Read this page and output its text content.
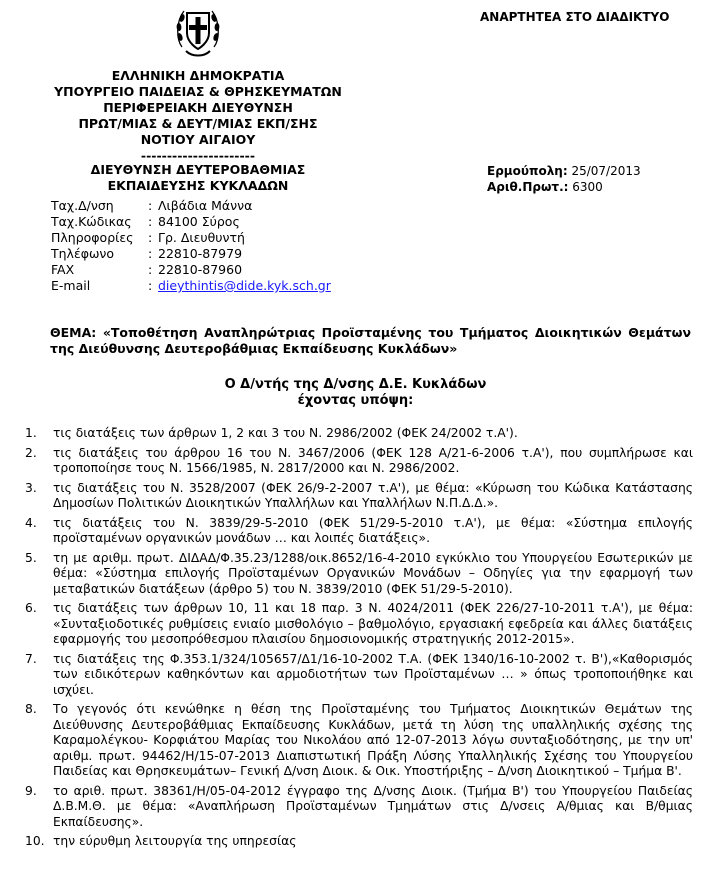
ΑΝΑΡΤΗΤΕΑ ΣΤΟ ΔΙΑΔΙΚΤΥΟ
ΕΛΛΗΝΙΚΗ ΔΗΜΟΚΡΑΤΙΑ
ΥΠΟΥΡΓΕΙΟ ΠΑΙΔΕΙΑΣ & ΘΡΗΣΚΕΥΜΑΤΩΝ
ΠΕΡΙΦΕΡΕΙΑΚΗ ΔΙΕΥΘΥΝΣΗ
ΠΡΩΤ/ΜΙΑΣ & ΔΕΥΤ/ΜΙΑΣ ΕΚΠ/ΣΗΣ
ΝΟΤΙΟΥ ΑΙΓΑΙΟΥ
----------------------
ΔΙΕΥΘΥΝΣΗ ΔΕΥΤΕΡΟΒΑΘΜΙΑΣ
ΕΚΠΑΙΔΕΥΣΗΣ ΚΥΚΛΑΔΩΝ
Ερμούπολη: 25/07/2013
Αριθ.Πρωτ.: 6300
Ταχ.Δ/νση	:	Λιβάδια Μάννα
Ταχ.Κώδικας	:	84100 Σύρος
Πληροφορίες	:	Γρ. Διευθυντή
Τηλέφωνο	:	22810-87979
FAX	:	22810-87960
E-mail	:	dieythintis@dide.kyk.sch.gr
ΘΕΜΑ: «Τοποθέτηση Αναπληρώτριας Προϊσταμένης του Τμήματος Διοικητικών Θεμάτων της Διεύθυνσης Δευτεροβάθμιας Εκπαίδευσης Κυκλάδων»
Ο Δ/ντής της Δ/νσης Δ.Ε. Κυκλάδων
έχοντας υπόψη:
1.	τις διατάξεις των άρθρων 1, 2 και 3 του Ν. 2986/2002 (ΦΕΚ 24/2002 τ.Α').
2.	τις διατάξεις του άρθρου 16 του Ν. 3467/2006 (ΦΕΚ 128 Α/21-6-2006 τ.Α'), που συμπλήρωσε και τροποποίησε τους Ν. 1566/1985, Ν. 2817/2000 και Ν. 2986/2002.
3.	τις διατάξεις του Ν. 3528/2007 (ΦΕΚ 26/9-2-2007 τ.Α'), με θέμα: «Κύρωση του Κώδικα Κατάστασης Δημοσίων Πολιτικών Διοικητικών Υπαλλήλων και Υπαλλήλων Ν.Π.Δ.Δ.».
4.	τις διατάξεις του Ν. 3839/29-5-2010 (ΦΕΚ 51/29-5-2010 τ.Α'), με θέμα: «Σύστημα επιλογής προϊσταμένων οργανικών μονάδων … και λοιπές διατάξεις».
5.	τη με αριθμ. πρωτ. ΔΙΔΑΔ/Φ.35.23/1288/οικ.8652/16-4-2010 εγκύκλιο του Υπουργείου Εσωτερικών με θέμα: «Σύστημα επιλογής Προϊσταμένων Οργανικών Μονάδων – Οδηγίες για την εφαρμογή των μεταβατικών διατάξεων (άρθρο 5) του Ν. 3839/2010 (ΦΕΚ 51/29-5-2010).
6.	τις διατάξεις των άρθρων 10, 11 και 18 παρ. 3 Ν. 4024/2011 (ΦΕΚ 226/27-10-2011 τ.Α'), με θέμα: «Συνταξιοδοτικές ρυθμίσεις ενιαίο μισθολόγιο – βαθμολόγιο, εργασιακή εφεδρεία και άλλες διατάξεις εφαρμογής του μεσοπρόθεσμου πλαισίου δημοσιονομικής στρατηγικής 2012-2015».
7.	τις διατάξεις της Φ.353.1/324/105657/Δ1/16-10-2002 Τ.Α. (ΦΕΚ 1340/16-10-2002 τ. Β'),«Καθορισμός των ειδικότερων καθηκόντων και αρμοδιοτήτων των Προϊσταμένων … » όπως τροποποιήθηκε και ισχύει.
8.	Το γεγονός ότι κενώθηκε η θέση της Προϊσταμένης του Τμήματος Διοικητικών Θεμάτων της Διεύθυνσης Δευτεροβάθμιας Εκπαίδευσης Κυκλάδων, μετά τη λύση της υπαλληλικής σχέσης της Καραμολέγκου- Κορφιάτου Μαρίας του Νικολάου από 12-07-2013 λόγω συνταξιοδότησης, με την υπ' αριθμ. πρωτ. 94462/Η/15-07-2013 Διαπιστωτική Πράξη Λύσης Υπαλληλικής Σχέσης του Υπουργείου Παιδείας και Θρησκευμάτων– Γενική Δ/νση Διοικ. & Οικ. Υποστήριξης – Δ/νση Διοικητικού – Τμήμα Β'.
9.	το αριθ. πρωτ. 38361/Η/05-04-2012 έγγραφο της Δ/νσης Διοικ. (Τμήμα Β') του Υπουργείου Παιδείας Δ.Β.Μ.Θ. με θέμα: «Αναπλήρωση Προϊσταμένων Τμημάτων στις Δ/νσεις Α/θμιας και Β/θμιας Εκπαίδευσης».
10. την εύρυθμη λειτουργία της υπηρεσίας
